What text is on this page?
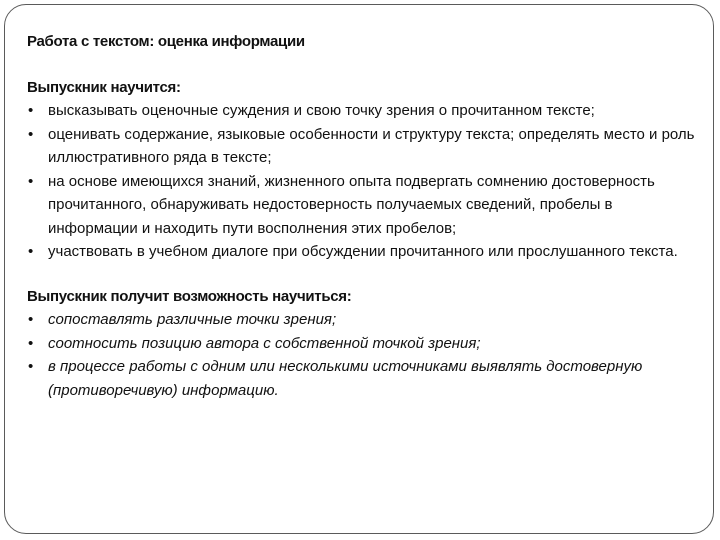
Работа с текстом: оценка информации
Выпускник научится:
• высказывать оценочные суждения и свою точку зрения о прочитанном тексте;
• оценивать содержание, языковые особенности и структуру текста; определять место и роль иллюстративного ряда в тексте;
• на основе имеющихся знаний, жизненного опыта подвергать сомнению достоверность прочитанного, обнаруживать недостоверность получаемых сведений, пробелы в информации и находить пути восполнения этих пробелов;
• участвовать в учебном диалоге при обсуждении прочитанного или прослушанного текста.
Выпускник получит возможность научиться:
• сопоставлять различные точки зрения;
• соотносить позицию автора с собственной точкой зрения;
• в процессе работы с одним или несколькими источниками выявлять достоверную (противоречивую) информацию.
